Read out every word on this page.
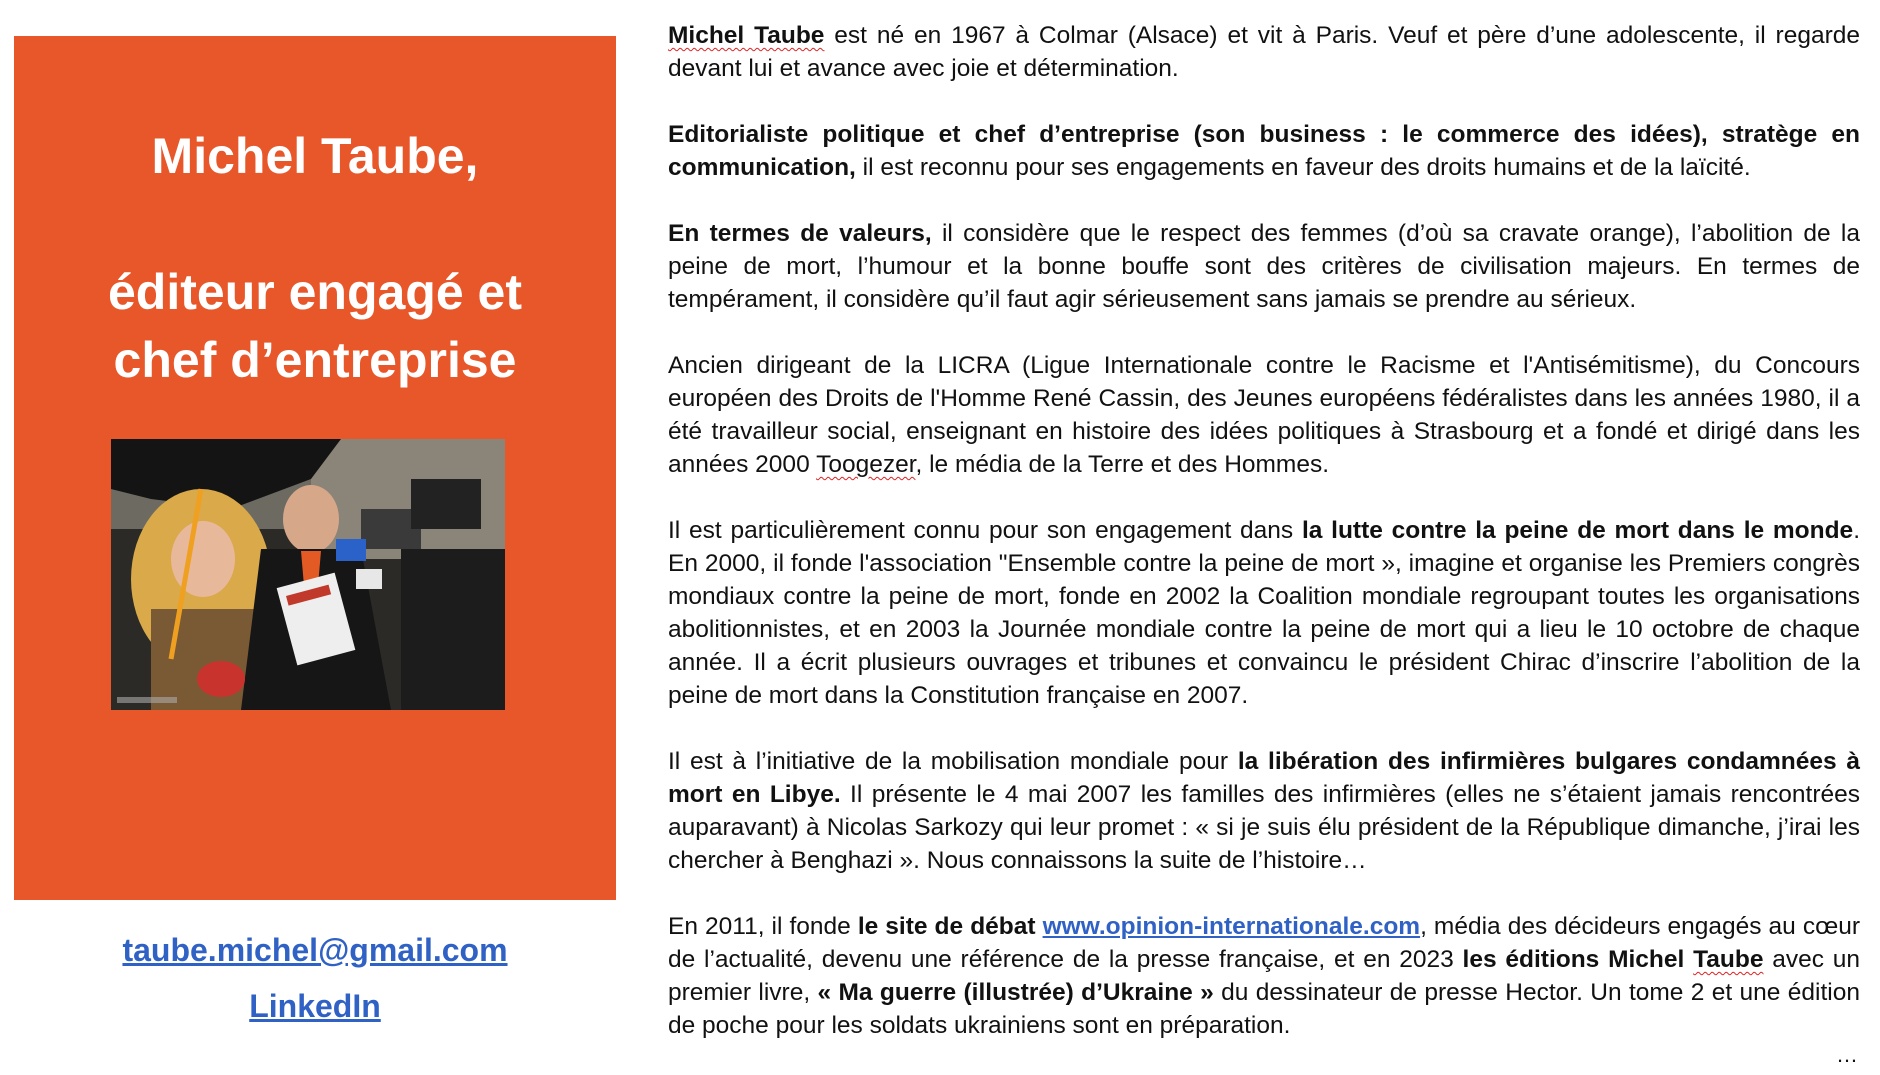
Michel Taube,
éditeur engagé et
chef d’entreprise
taube.michel@gmail.com
LinkedIn

Michel Taube est né en 1967 à Colmar (Alsace) et vit à Paris. Veuf et père d’une adolescente, il regarde devant lui et avance avec joie et détermination.

Editorialiste politique et chef d’entreprise (son business : le commerce des idées), stratège en communication, il est reconnu pour ses engagements en faveur des droits humains et de la laïcité.

En termes de valeurs, il considère que le respect des femmes (d’où sa cravate orange), l’abolition de la peine de mort, l’humour et la bonne bouffe sont des critères de civilisation majeurs. En termes de tempérament, il considère qu’il faut agir sérieusement sans jamais se prendre au sérieux.

Ancien dirigeant de la LICRA (Ligue Internationale contre le Racisme et l'Antisémitisme), du Concours européen des Droits de l'Homme René Cassin, des Jeunes européens fédéralistes dans les années 1980, il a été travailleur social, enseignant en histoire des idées politiques à Strasbourg et a fondé et dirigé dans les années 2000 Toogezer, le média de la Terre et des Hommes.

Il est particulièrement connu pour son engagement dans la lutte contre la peine de mort dans le monde. En 2000, il fonde l'association "Ensemble contre la peine de mort », imagine et organise les Premiers congrès mondiaux contre la peine de mort, fonde en 2002 la Coalition mondiale regroupant toutes les organisations abolitionnistes, et en 2003 la Journée mondiale contre la peine de mort qui a lieu le 10 octobre de chaque année. Il a écrit plusieurs ouvrages et tribunes et convaincu le président Chirac d’inscrire l’abolition de la peine de mort dans la Constitution française en 2007.

Il est à l’initiative de la mobilisation mondiale pour la libération des infirmières bulgares condamnées à mort en Libye. Il présente le 4 mai 2007 les familles des infirmières (elles ne s’étaient jamais rencontrées auparavant) à Nicolas Sarkozy qui leur promet : « si je suis élu président de la République dimanche, j’irai les chercher à Benghazi ». Nous connaissons la suite de l’histoire…

En 2011, il fonde le site de débat www.opinion-internationale.com, média des décideurs engagés au cœur de l’actualité, devenu une référence de la presse française, et en 2023 les éditions Michel Taube avec un premier livre, « Ma guerre (illustrée) d’Ukraine » du dessinateur de presse Hector. Un tome 2 et une édition de poche pour les soldats ukrainiens sont en préparation.

…
